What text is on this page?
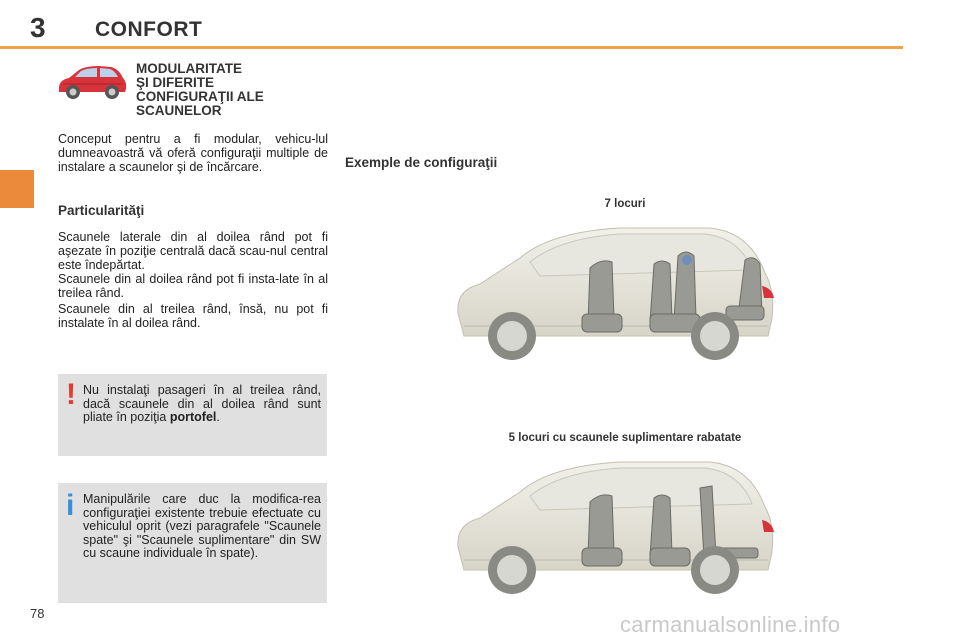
3 CONFORT
MODULARITATE
ŞI DIFERITE
CONFIGURAŢII ALE
SCAUNELOR
Conceput pentru a fi modular, vehicu-lul dumneavoastră vă oferă configuraţii multiple de instalare a scaunelor şi de încărcare.
Particularităţi
Scaunele laterale din al doilea rând pot fi aşezate în poziţie centrală dacă scau-nul central este îndepărtat.
Scaunele din al doilea rând pot fi insta-late în al treilea rând.
Scaunele din al treilea rând, însă, nu pot fi instalate în al doilea rând.
! Nu instalaţi pasageri în al treilea rând, dacă scaunele din al doilea rând sunt pliate în poziţia portofel.
i Manipulările care duc la modifica-rea configuraţiei existente trebuie efectuate cu vehiculul oprit (vezi paragrafele "Scaunele spate" şi "Scaunele suplimentare" din SW cu scaune individuale în spate).
Exemple de configuraţii
7 locuri
5 locuri cu scaunele suplimentare rabatate
78	carmanualsonline.info
